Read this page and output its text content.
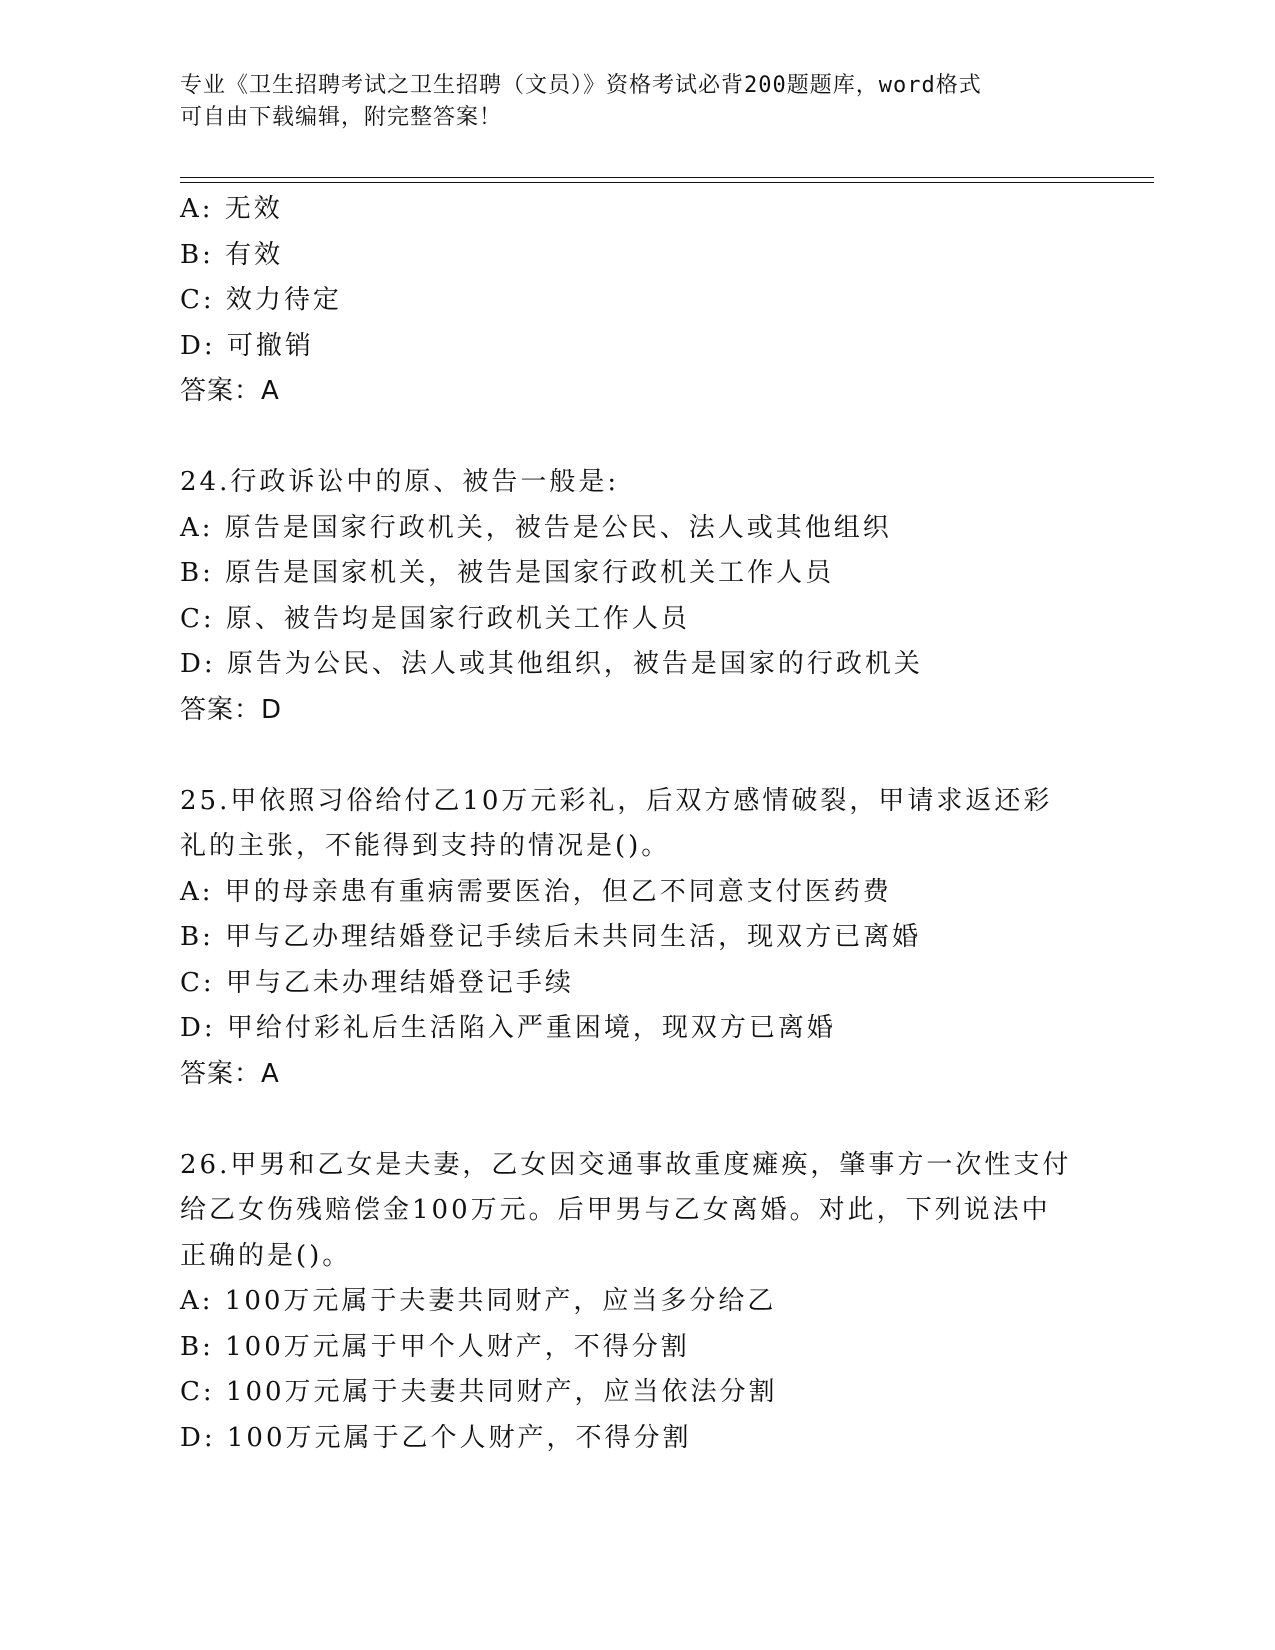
专业《卫生招聘考试之卫生招聘（文员）》资格考试必背200题题库，word格式
可自由下载编辑，附完整答案！
A: 无效
B: 有效
C: 效力待定
D: 可撤销
答案：A
24.行政诉讼中的原、被告一般是:
A: 原告是国家行政机关，被告是公民、法人或其他组织
B: 原告是国家机关，被告是国家行政机关工作人员
C: 原、被告均是国家行政机关工作人员
D: 原告为公民、法人或其他组织，被告是国家的行政机关
答案：D
25.甲依照习俗给付乙10万元彩礼，后双方感情破裂，甲请求返还彩
礼的主张，不能得到支持的情况是()。
A: 甲的母亲患有重病需要医治，但乙不同意支付医药费
B: 甲与乙办理结婚登记手续后未共同生活，现双方已离婚
C: 甲与乙未办理结婚登记手续
D: 甲给付彩礼后生活陷入严重困境，现双方已离婚
答案：A
26.甲男和乙女是夫妻，乙女因交通事故重度瘫痪，肇事方一次性支付
给乙女伤残赔偿金100万元。后甲男与乙女离婚。对此，下列说法中
正确的是()。
A: 100万元属于夫妻共同财产，应当多分给乙
B: 100万元属于甲个人财产，不得分割
C: 100万元属于夫妻共同财产，应当依法分割
D: 100万元属于乙个人财产，不得分割
